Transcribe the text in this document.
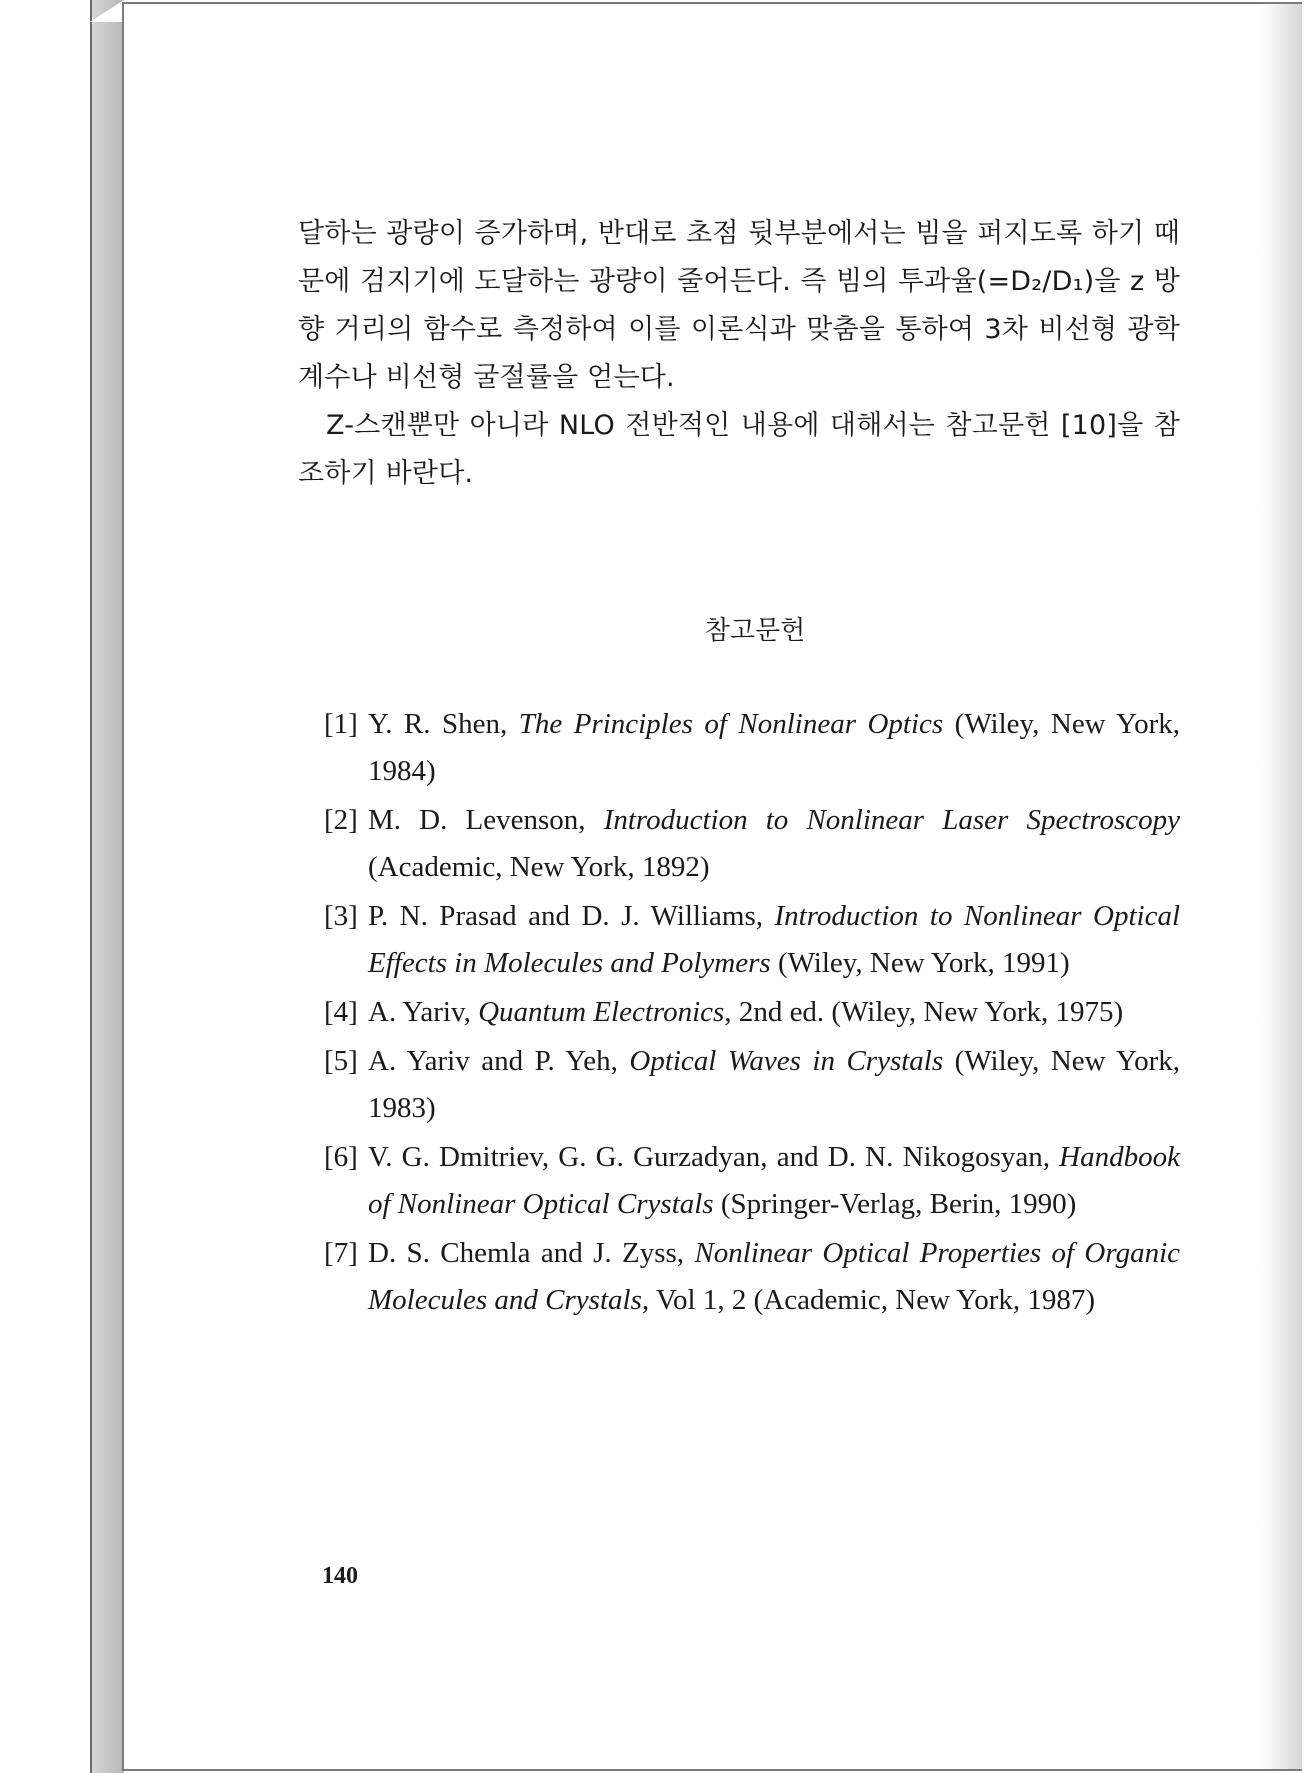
달하는 광량이 증가하며, 반대로 초점 뒷부분에서는 빔을 퍼지도록 하기 때문에 검지기에 도달하는 광량이 줄어든다. 즉 빔의 투과율(=D₂/D₁)을 z 방향 거리의 함수로 측정하여 이를 이론식과 맞춤을 통하여 3차 비선형 광학 계수나 비선형 굴절률을 얻는다.

Z-스캔뿐만 아니라 NLO 전반적인 내용에 대해서는 참고문헌 [10]을 참조하기 바란다.

참고문헌
[1] Y. R. Shen, The Principles of Nonlinear Optics (Wiley, New York, 1984)
[2] M. D. Levenson, Introduction to Nonlinear Laser Spectroscopy (Academic, New York, 1892)
[3] P. N. Prasad and D. J. Williams, Introduction to Nonlinear Optical Effects in Molecules and Polymers (Wiley, New York, 1991)
[4] A. Yariv, Quantum Electronics, 2nd ed. (Wiley, New York, 1975)
[5] A. Yariv and P. Yeh, Optical Waves in Crystals (Wiley, New York, 1983)
[6] V. G. Dmitriev, G. G. Gurzadyan, and D. N. Nikogosyan, Handbook of Nonlinear Optical Crystals (Springer-Verlag, Berin, 1990)
[7] D. S. Chemla and J. Zyss, Nonlinear Optical Properties of Organic Molecules and Crystals, Vol 1, 2 (Academic, New York, 1987)
140
